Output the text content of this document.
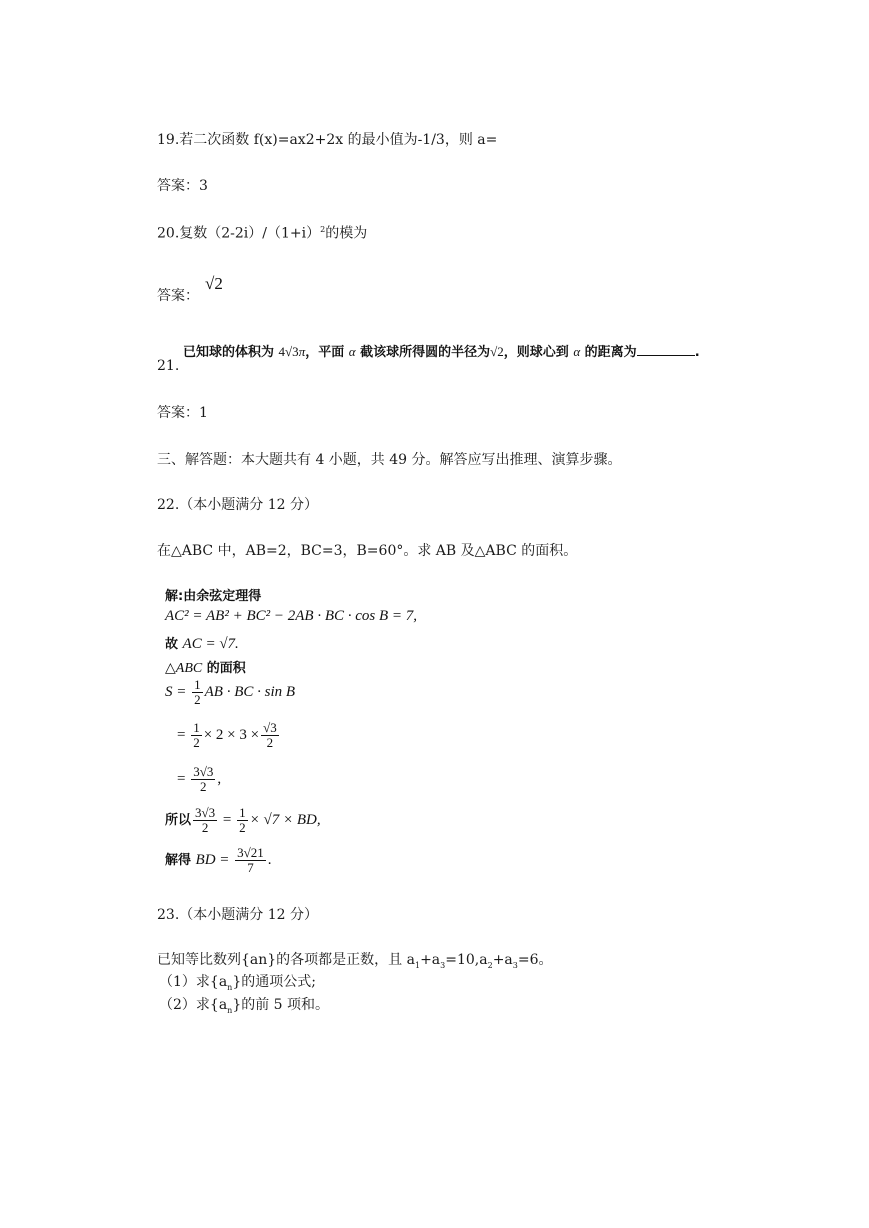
19.若二次函数 f(x)=ax2+2x 的最小值为-1/3，则 a=
答案：3
20.复数$(2-2i)/(1+i)^2$的模为
答案：
√2
21.
已知球的体积为 4√3π，平面 α 截该球所得圆的半径为√2，则球心到 α 的距离为	.
答案：1
三、解答题：本大题共有 4 小题，共 49 分。解答应写出推理、演算步骤。
22.（本小题满分 12 分）
在△ABC 中，AB=2，BC=3，B=60°。求 AB 及△ABC 的面积。
解:由余弦定理得
AC² = AB² + BC² − 2AB · BC · cos B = 7,
故 AC = √7.
△ABC 的面积
$S = \frac{1}{2}$ AB · BC · sin B
= $\frac{1}{2} \times 2 \times 3 \times \frac{√3}{2}$
= $\frac{3√3}{2}$ ,
所以 $\frac{3√3}{2} = \frac{1}{2} \times √7$ × BD,
解得 BD = $\frac{3√21}{7}$ .
23.（本小题满分 12 分）
已知等比数列{an}的各项都是正数，且 $a_1+a_3=10,a_2+a_3=6$。
（1）求$\{a_n\}$的通项公式;
（2）求$\{a_n\}$的前 5 项和。
